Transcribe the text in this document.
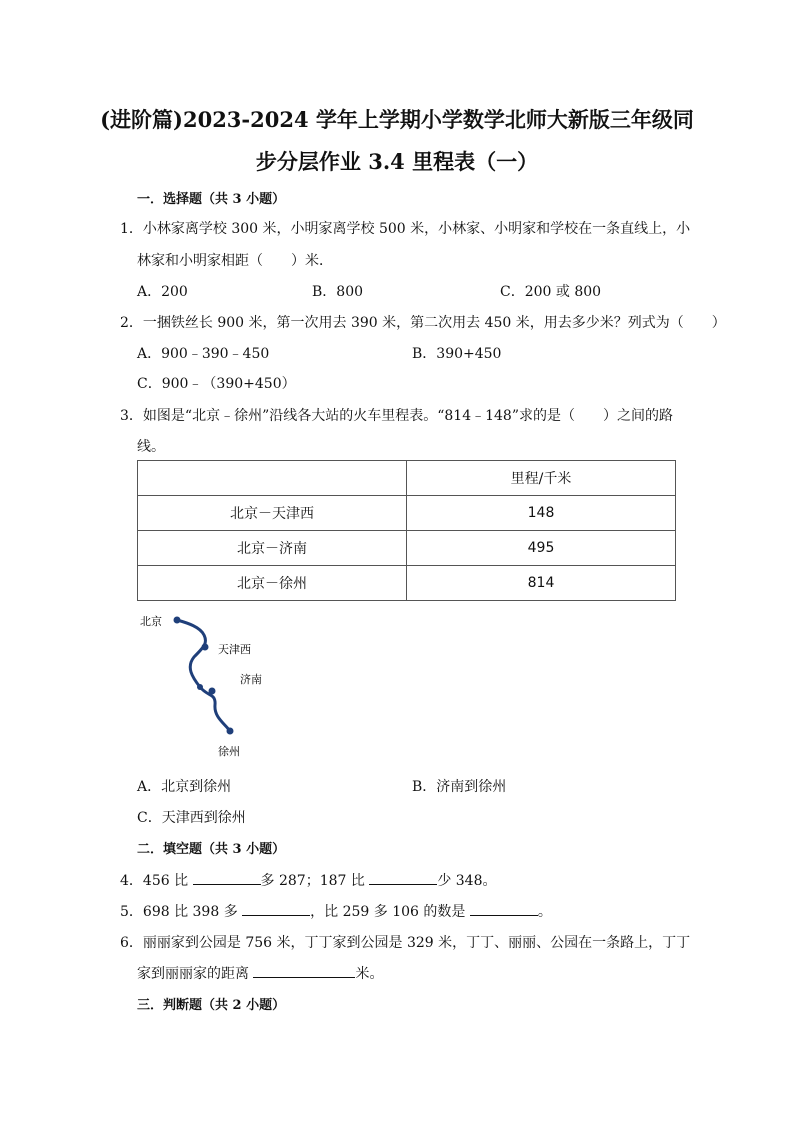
(进阶篇)2023-2024 学年上学期小学数学北师大新版三年级同
步分层作业 3.4 里程表（一）
一．选择题（共 3 小题）
1．小林家离学校 300 米，小明家离学校 500 米，小林家、小明家和学校在一条直线上，小
林家和小明家相距（　　）米．
A．200	B．800	C．200 或 800
2．一捆铁丝长 900 米，第一次用去 390 米，第二次用去 450 米，用去多少米？列式为（　　）
A．900﹣390﹣450	B．390+450
C．900﹣（390+450）
3．如图是“北京﹣徐州”沿线各大站的火车里程表。“814﹣148”求的是（　　）之间的路
线。
	里程/千米
北京－天津西	148
北京－济南	495
北京－徐州	814
北京
天津西
济南
徐州
A．北京到徐州	B．济南到徐州
C．天津西到徐州
二．填空题（共 3 小题）
4．456 比	多 287；187 比	少 348。
5．698 比 398 多	，比 259 多 106 的数是	。
6．丽丽家到公园是 756 米，丁丁家到公园是 329 米，丁丁、丽丽、公园在一条路上，丁丁
家到丽丽家的距离	米。
三．判断题（共 2 小题）
